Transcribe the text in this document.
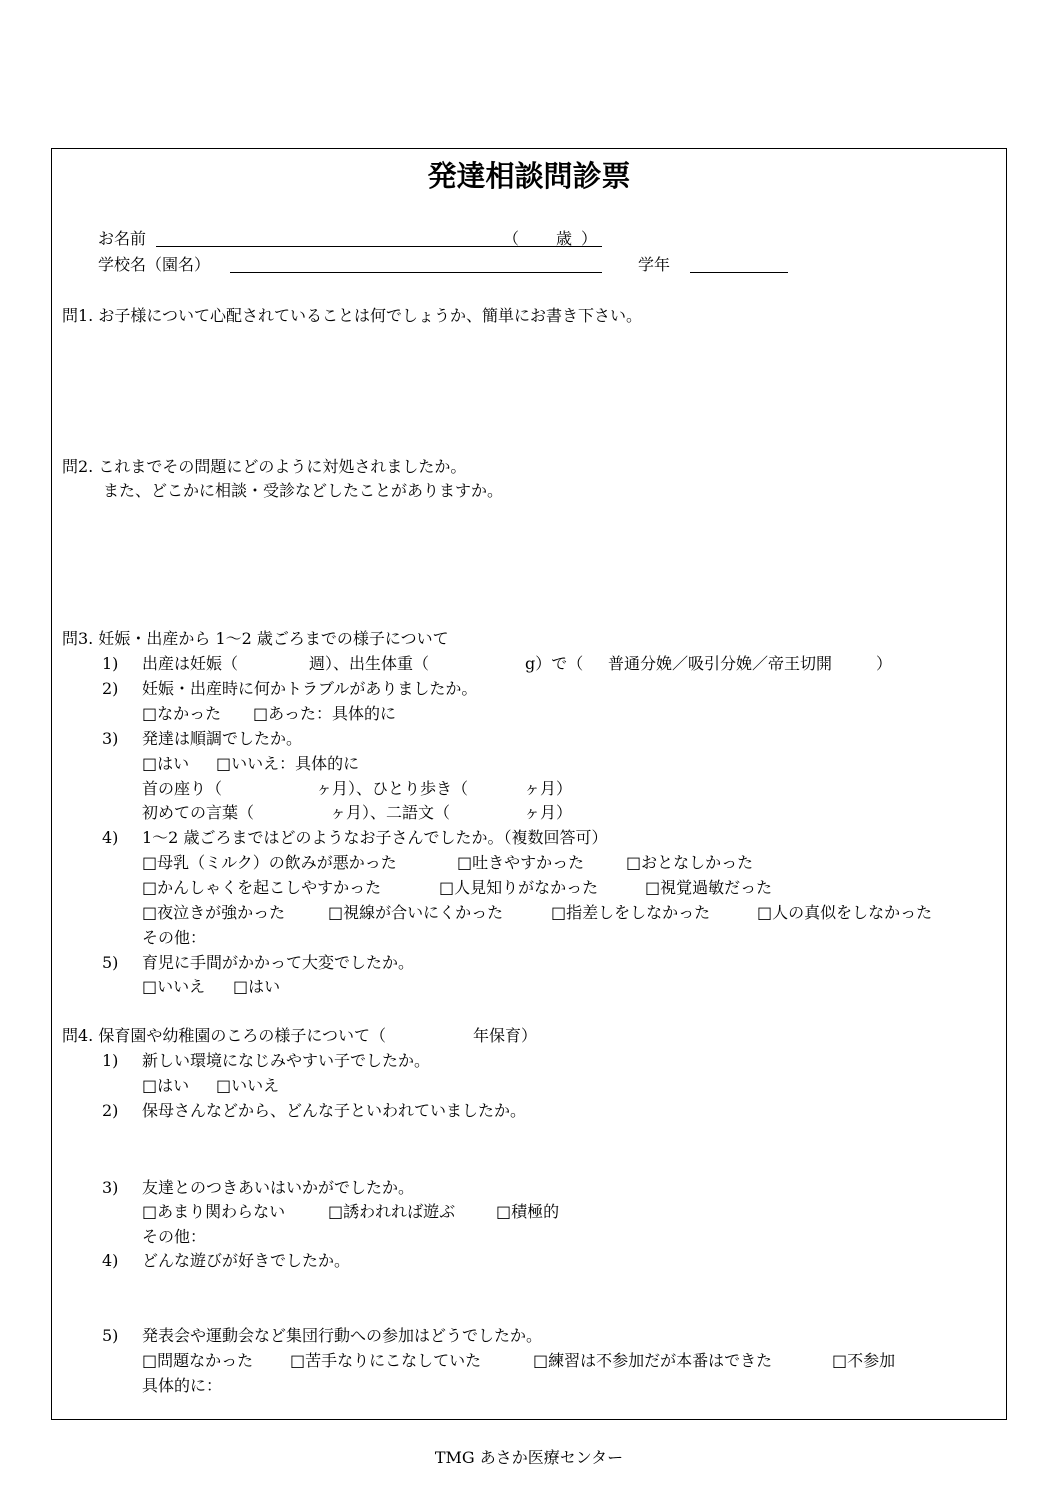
発達相談問診票
お名前	（ 歳 ）
学校名（園名）	学年
問1. お子様について心配されていることは何でしょうか、簡単にお書き下さい。
問2. これまでその問題にどのように対処されましたか。
また、どこかに相談・受診などしたことがありますか。
問3. 妊娠・出産から 1～2 歳ごろまでの様子について
1) 出産は妊娠（	週）、出生体重（	g）で（ 普通分娩／吸引分娩／帝王切開	）
2) 妊娠・出産時に何かトラブルがありましたか。
□なかった □あった：具体的に
3) 発達は順調でしたか。
□はい □いいえ：具体的に
首の座り（	ヶ月）、ひとり歩き（	ヶ月）
初めての言葉（	ヶ月）、二語文（	ヶ月）
4) 1～2 歳ごろまではどのようなお子さんでしたか。（複数回答可）
□母乳（ミルク）の飲みが悪かった	□吐きやすかった	□おとなしかった
□かんしゃくを起こしやすかった	□人見知りがなかった	□視覚過敏だった
□夜泣きが強かった	□視線が合いにくかった	□指差しをしなかった	□人の真似をしなかった
その他：
5) 育児に手間がかかって大変でしたか。
□いいえ □はい
問4. 保育園や幼稚園のころの様子について（	年保育）
1) 新しい環境になじみやすい子でしたか。
□はい □いいえ
2) 保母さんなどから、どんな子といわれていましたか。
3) 友達とのつきあいはいかがでしたか。
□あまり関わらない	□誘われれば遊ぶ	□積極的
その他：
4) どんな遊びが好きでしたか。
5) 発表会や運動会など集団行動への参加はどうでしたか。
□問題なかった □苦手なりにこなしていた	□練習は不参加だが本番はできた	□不参加
具体的に：
TMG あさか医療センター
